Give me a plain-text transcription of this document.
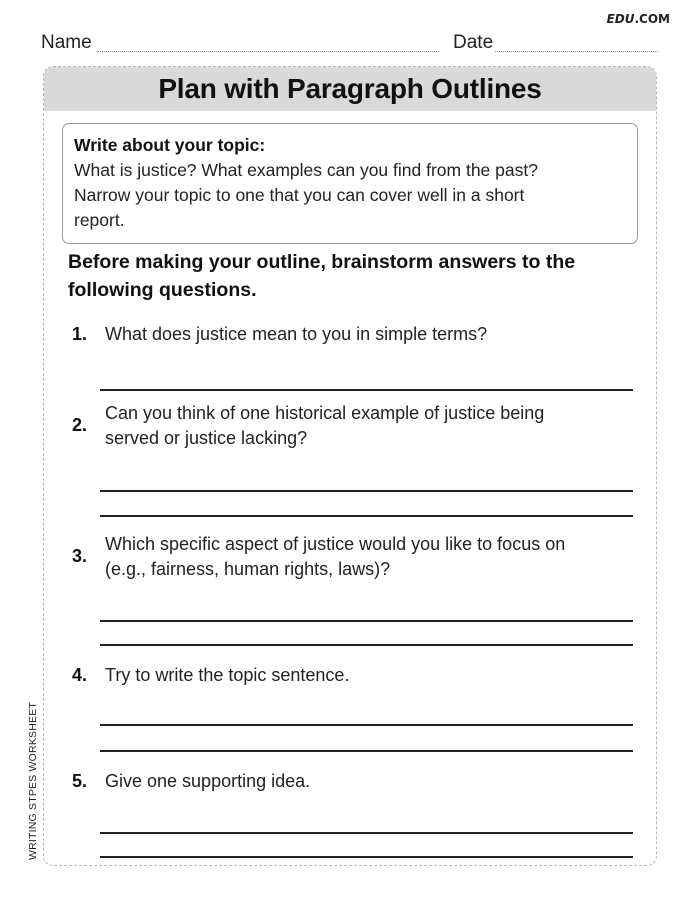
EDU.COM
Name	Date
Plan with Paragraph Outlines
Write about your topic:
What is justice? What examples can you find from the past?
Narrow your topic to one that you can cover well in a short
report.
Before making your outline, brainstorm answers to the
following questions.
1. What does justice mean to you in simple terms?
2.
Can you think of one historical example of justice being
served or justice lacking?
3.
Which specific aspect of justice would you like to focus on
(e.g., fairness, human rights, laws)?
4. Try to write the topic sentence.
5. Give one supporting idea.
WRITING STPES WORKSHEET
